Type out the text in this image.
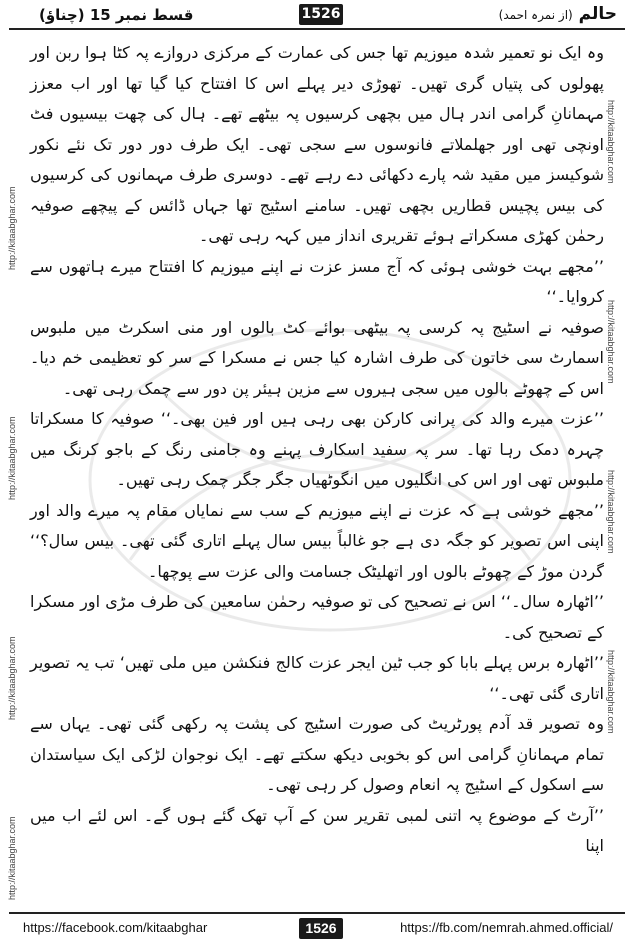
قسط نمبر 15 (چناؤ)	1526	حالم (از نمرہ احمد)
http://kitaabghar.com
http://kitaabghar.com
http://kitaabghar.com
http://kitaabghar.com
http://kitaabghar.com
http://kitaabghar.com
http://kitaabghar.com
http://kitaabghar.com

وہ ایک نو تعمیر شدہ میوزیم تھا جس کی عمارت کے مرکزی دروازے پہ کٹا ہوا ربن اور پھولوں کی پتیاں گری تھیں۔ تھوڑی دیر پہلے اس کا افتتاح کیا گیا تھا اور اب معزز مہمانانِ گرامی اندر ہال میں بچھی کرسیوں پہ بیٹھے تھے۔ ہال کی چھت بیسیوں فٹ اونچی تھی اور جھلملاتے فانوسوں سے سجی تھی۔ ایک طرف دور دور تک نئے نکور شوکیسز میں مقید شہ پارے دکھائی دے رہے تھے۔ دوسری طرف مہمانوں کی کرسیوں کی بیس پچیس قطاریں بچھی تھیں۔ سامنے اسٹیج تھا جہاں ڈائس کے پیچھے صوفیہ رحمٰن کھڑی مسکراتے ہوئے تقریری انداز میں کہہ رہی تھی۔

’’مجھے بہت خوشی ہوئی کہ آج مسز عزت نے اپنے میوزیم کا افتتاح میرے ہاتھوں سے کروایا۔‘‘

صوفیہ نے اسٹیج پہ کرسی پہ بیٹھی بوائے کٹ بالوں اور منی اسکرٹ میں ملبوس اسمارٹ سی خاتون کی طرف اشارہ کیا جس نے مسکرا کے سر کو تعظیمی خم دیا۔ اس کے چھوٹے بالوں میں سجی ہیروں سے مزین ہیئر پن دور سے چمک رہی تھی۔

’’عزت میرے والد کی پرانی کارکن بھی رہی ہیں اور فین بھی۔‘‘ صوفیہ کا مسکراتا چہرہ دمک رہا تھا۔ سر پہ سفید اسکارف پہنے وہ جامنی رنگ کے باجو کرنگ میں ملبوس تھی اور اس کی انگلیوں میں انگوٹھیاں جگر جگر چمک رہی تھیں۔

’’مجھے خوشی ہے کہ عزت نے اپنے میوزیم کے سب سے نمایاں مقام پہ میرے والد اور اپنی اس تصویر کو جگہ دی ہے جو غالباً بیس سال پہلے اتاری گئی تھی۔ بیس سال؟‘‘ گردن موڑ کے چھوٹے بالوں اور اتھلیٹک جسامت والی عزت سے پوچھا۔

’’اٹھارہ سال۔‘‘ اس نے تصحیح کی تو صوفیہ رحمٰن سامعین کی طرف مڑی اور مسکرا کے تصحیح کی۔

’’اٹھارہ برس پہلے بابا کو جب ٹین ایجر عزت کالج فنکشن میں ملی تھیں‘ تب یہ تصویر اتاری گئی تھی۔‘‘

وہ تصویر قد آدم پورٹریٹ کی صورت اسٹیج کی پشت پہ رکھی گئی تھی۔ یہاں سے تمام مہمانانِ گرامی اس کو بخوبی دیکھ سکتے تھے۔ ایک نوجوان لڑکی ایک سیاستدان سے اسکول کے اسٹیج پہ انعام وصول کر رہی تھی۔

’’آرٹ کے موضوع پہ اتنی لمبی تقریر سن کے آپ تھک گئے ہوں گے۔ اس لئے اب میں اپنا

https://facebook.com/kitaabghar	1526	https://fb.com/nemrah.ahmed.official/
